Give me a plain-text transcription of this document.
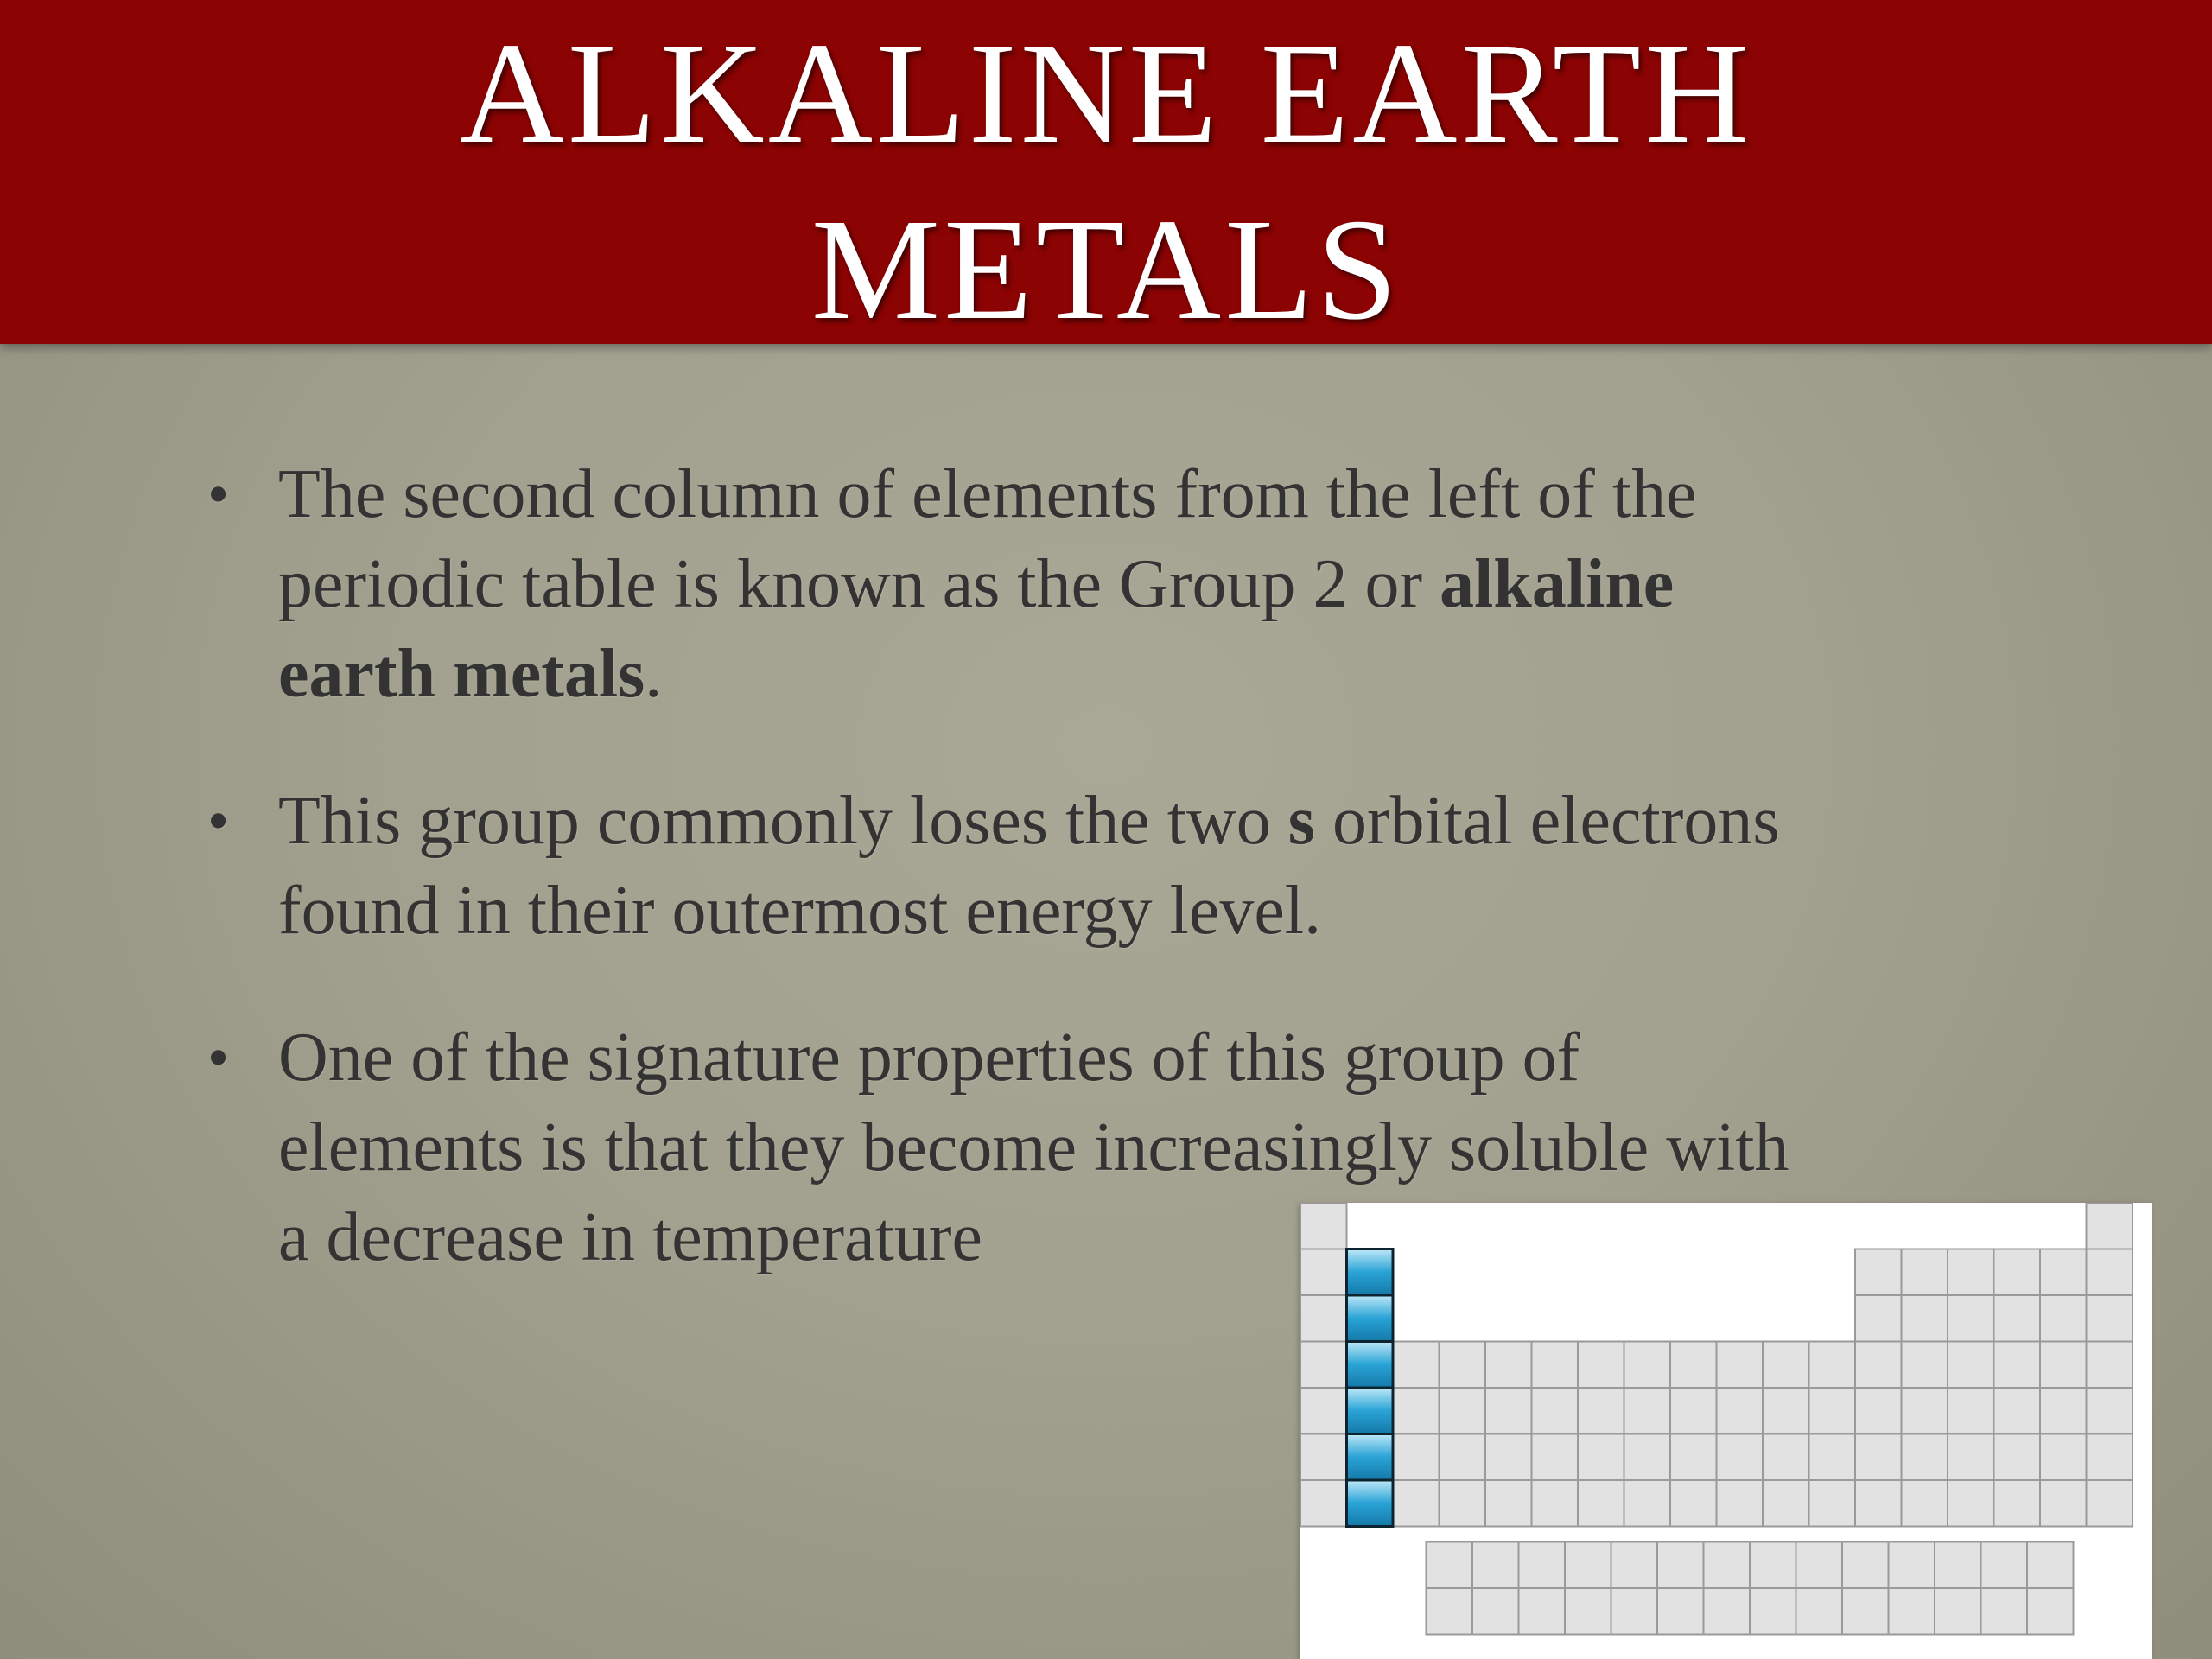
ALKALINE EARTH
METALS
• The second column of elements from the left of the
periodic table is known as the Group 2 or alkaline
earth metals.
• This group commonly loses the two s orbital electrons
found in their outermost energy level.
• One of the signature properties of this group of
elements is that they become increasingly soluble with
a decrease in temperature
